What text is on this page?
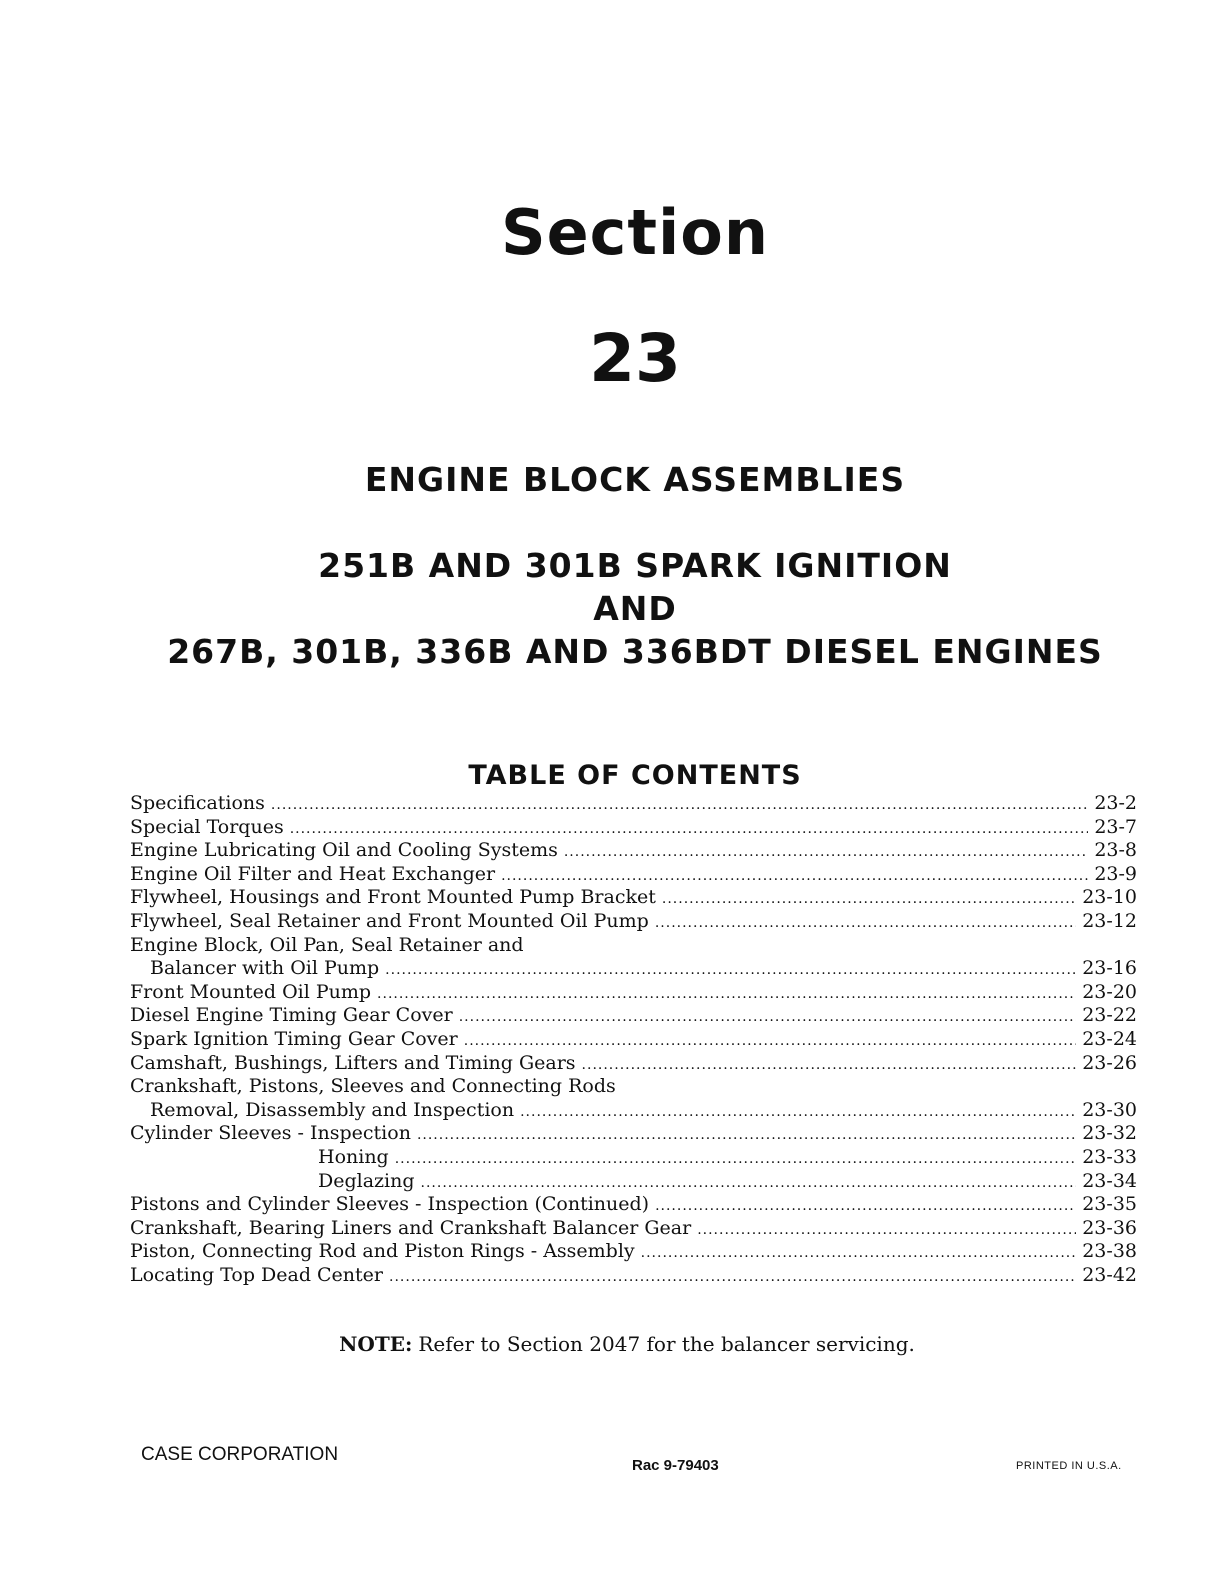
Section
23
ENGINE BLOCK ASSEMBLIES
251B AND 301B SPARK IGNITION
AND
267B, 301B, 336B AND 336BDT DIESEL ENGINES
TABLE OF CONTENTS
Specifications .....	23-2
Special Torques .....	23-7
Engine Lubricating Oil and Cooling Systems .....	23-8
Engine Oil Filter and Heat Exchanger .....	23-9
Flywheel, Housings and Front Mounted Pump Bracket .....	23-10
Flywheel, Seal Retainer and Front Mounted Oil Pump .....	23-12
Engine Block, Oil Pan, Seal Retainer and
Balancer with Oil Pump .....	23-16
Front Mounted Oil Pump .....	23-20
Diesel Engine Timing Gear Cover .....	23-22
Spark Ignition Timing Gear Cover .....	23-24
Camshaft, Bushings, Lifters and Timing Gears .....	23-26
Crankshaft, Pistons, Sleeves and Connecting Rods
Removal, Disassembly and Inspection .....	23-30
Cylinder Sleeves - Inspection .....	23-32
Honing .....	23-33
Deglazing .....	23-34
Pistons and Cylinder Sleeves - Inspection (Continued) .....	23-35
Crankshaft, Bearing Liners and Crankshaft Balancer Gear .....	23-36
Piston, Connecting Rod and Piston Rings - Assembly .....	23-38
Locating Top Dead Center .....	23-42
NOTE: Refer to Section 2047 for the balancer servicing.
CASE CORPORATION
Rac 9-79403	PRINTED IN U.S.A.
